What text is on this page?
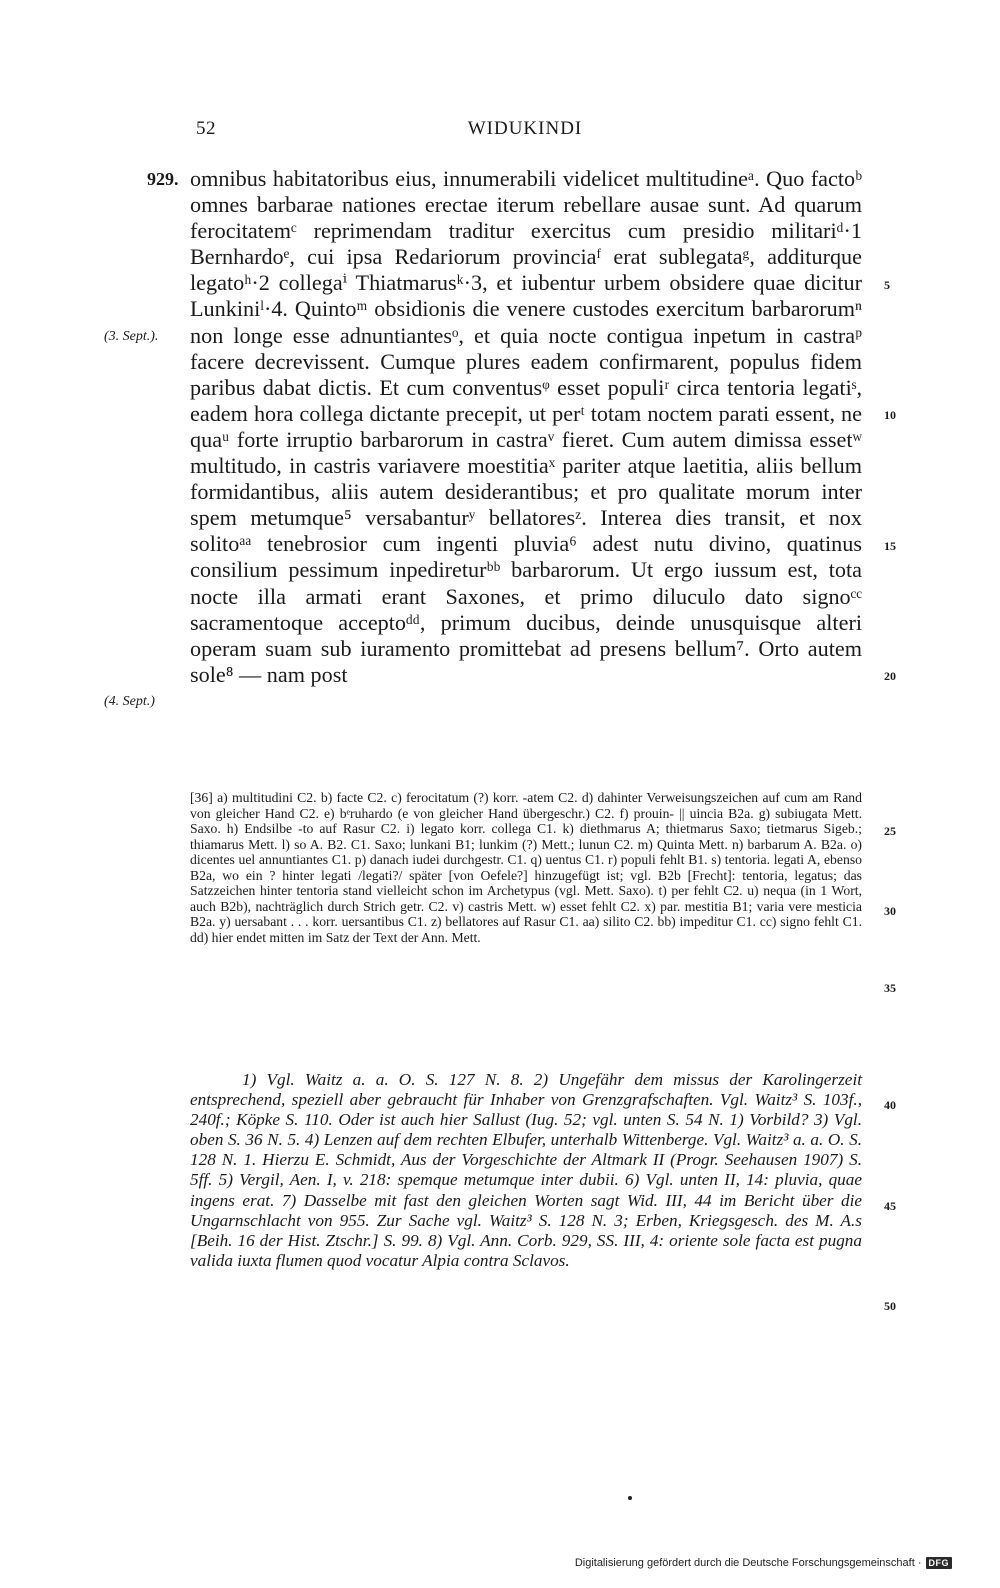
52	WIDUKINDI
929.
(3. Sept.).
(4. Sept.)
5
10
15
20
25
30
35
40
45
50

omnibus habitatoribus eius, innumerabili videlicet multitudineᵃ. Quo factoᵇ omnes barbarae nationes erectae iterum rebellare ausae sunt. Ad quarum ferocitatemᶜ reprimendam traditur exercitus cum presidio militariᵈ·1 Bernhardoᵉ, cui ipsa Redariorum provinciaᶠ erat sublegataᵍ, additurque legatoʰ·2 collegaⁱ Thiatmarusᵏ·3, et iubentur urbem obsidere quae dicitur Lunkiniˡ·4. Quintoᵐ obsidionis die venere custodes exercitum barbarorumⁿ non longe esse adnuntiantesᵒ, et quia nocte contigua inpetum in castraᵖ facere decrevissent. Cumque plures eadem confirmarent, populus fidem paribus dabat dictis. Et cum conventusᵠ esset populiʳ circa tentoria legatiˢ, eadem hora collega dictante precepit, ut perᵗ totam noctem parati essent, ne quaᵘ forte irruptio barbarorum in castraᵛ fieret. Cum autem dimissa essetʷ multitudo, in castris variavere moestitiaˣ pariter atque laetitia, aliis bellum formidantibus, aliis autem desiderantibus; et pro qualitate morum inter spem metumque⁵ versabanturʸ bellatoresᶻ. Interea dies transit, et nox solitoᵃᵃ tenebrosior cum ingenti pluvia⁶ adest nutu divino, quatinus consilium pessimum inpedireturᵇᵇ barbarorum. Ut ergo iussum est, tota nocte illa armati erant Saxones, et primo diluculo dato signoᶜᶜ sacramentoque acceptoᵈᵈ, primum ducibus, deinde unusquisque alteri operam suam sub iuramento promittebat ad presens bellum⁷. Orto autem sole⁸ — nam post

[36] a) multitudini C2. b) facte C2. c) ferocitatum (?) korr. -atem C2. d) dahinter Verweisungszeichen auf cum am Rand von gleicher Hand C2. e) bᵉruhardo (e von gleicher Hand übergeschr.) C2. f) prouin- || uincia B2a. g) subiugata Mett. Saxo. h) Endsilbe -to auf Rasur C2. i) legato korr. collega C1. k) diethmarus A; thietmarus Saxo; tietmarus Sigeb.; thiamarus Mett. l) so A. B2. C1. Saxo; lunkani B1; lunkim (?) Mett.; lunun C2. m) Quinta Mett. n) barbarum A. B2a. o) dicentes uel annuntiantes C1. p) danach iudei durchgestr. C1. q) uentus C1. r) populi fehlt B1. s) tentoria. legati A, ebenso B2a, wo ein ? hinter legati /legati?/ später [von Oefele?] hinzugefügt ist; vgl. B2b [Frecht]: tentoria, legatus; das Satzzeichen hinter tentoria stand vielleicht schon im Archetypus (vgl. Mett. Saxo). t) per fehlt C2. u) nequa (in 1 Wort, auch B2b), nachträglich durch Strich getr. C2. v) castris Mett. w) esset fehlt C2. x) par. mestitia B1; varia vere mesticia B2a. y) uersabant . . . korr. uersantibus C1. z) bellatores auf Rasur C1. aa) silito C2. bb) impeditur C1. cc) signo fehlt C1. dd) hier endet mitten im Satz der Text der Ann. Mett.

1) Vgl. Waitz a. a. O. S. 127 N. 8. 2) Ungefähr dem missus der Karolingerzeit entsprechend, speziell aber gebraucht für Inhaber von Grenzgrafschaften. Vgl. Waitz³ S. 103f., 240f.; Köpke S. 110. Oder ist auch hier Sallust (Iug. 52; vgl. unten S. 54 N. 1) Vorbild? 3) Vgl. oben S. 36 N. 5. 4) Lenzen auf dem rechten Elbufer, unterhalb Wittenberge. Vgl. Waitz³ a. a. O. S. 128 N. 1. Hierzu E. Schmidt, Aus der Vorgeschichte der Altmark II (Progr. Seehausen 1907) S. 5ff. 5) Vergil, Aen. I, v. 218: spemque metumque inter dubii. 6) Vgl. unten II, 14: pluvia, quae ingens erat. 7) Dasselbe mit fast den gleichen Worten sagt Wid. III, 44 im Bericht über die Ungarnschlacht von 955. Zur Sache vgl. Waitz³ S. 128 N. 3; Erben, Kriegsgesch. des M. A.s [Beih. 16 der Hist. Ztschr.] S. 99. 8) Vgl. Ann. Corb. 929, SS. III, 4: oriente sole facta est pugna valida iuxta flumen quod vocatur Alpia contra Sclavos.

Digitalisierung gefördert durch die Deutsche Forschungsgemeinschaft · DFG
